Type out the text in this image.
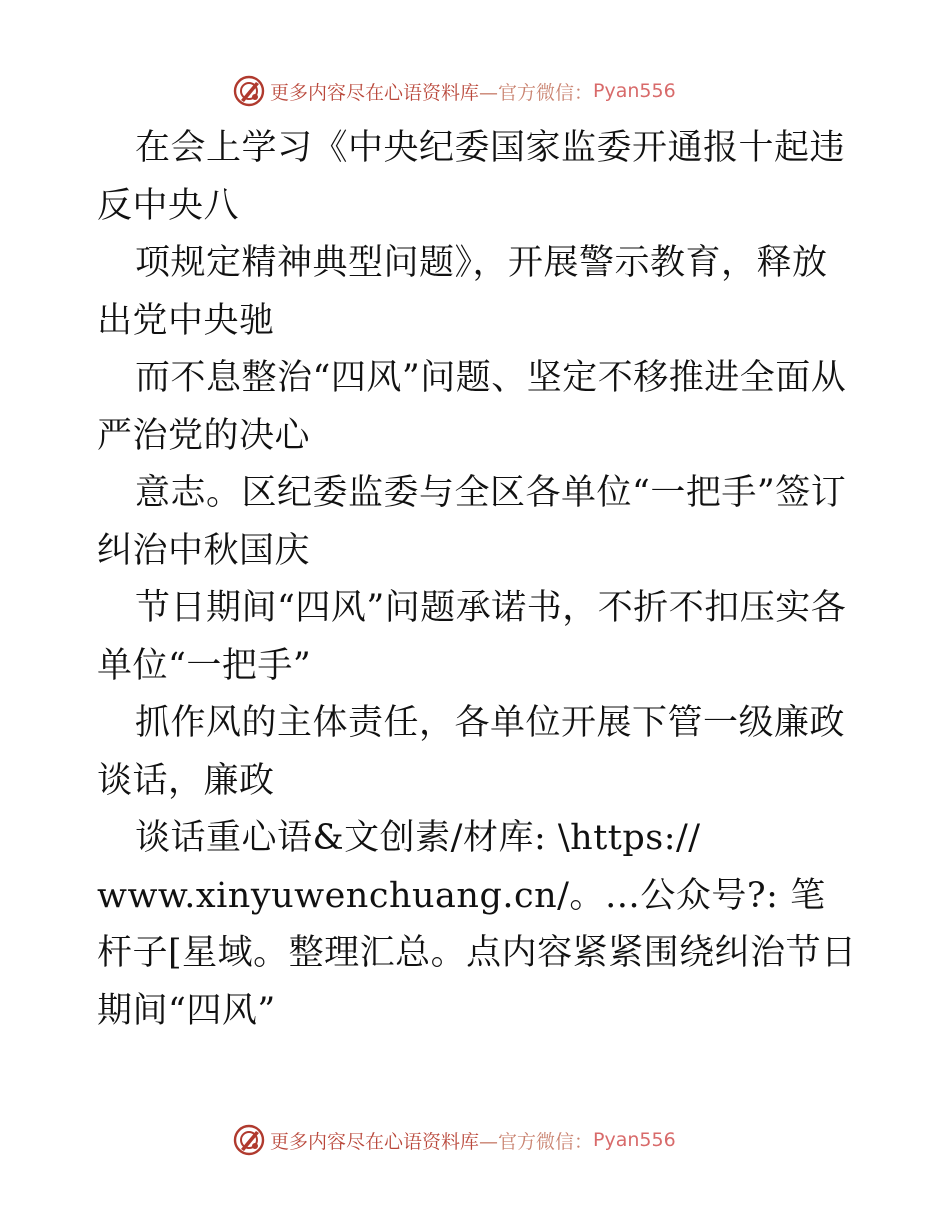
更多内容尽在心语资料库 —官方微信： Pyan556

在会上学习《中央纪委国家监委开通报十起违反中央八

项规定精神典型问题》，开展警示教育，释放出党中央驰

而不息整治“四风”问题、坚定不移推进全面从严治党的决心

意志。区纪委监委与全区各单位“一把手”签订纠治中秋国庆

节日期间“四风”问题承诺书，不折不扣压实各单位“一把手”

抓作风的主体责任，各单位开展下管一级廉政谈话，廉政

谈话重心语&文创素/材库: \https://

www.xinyuwenchuang.cn/。…公众号?: 笔杆子[星域。整理汇总。点内容紧紧围绕纠治节日期间“四风”

更多内容尽在心语资料库 —官方微信： Pyan556
